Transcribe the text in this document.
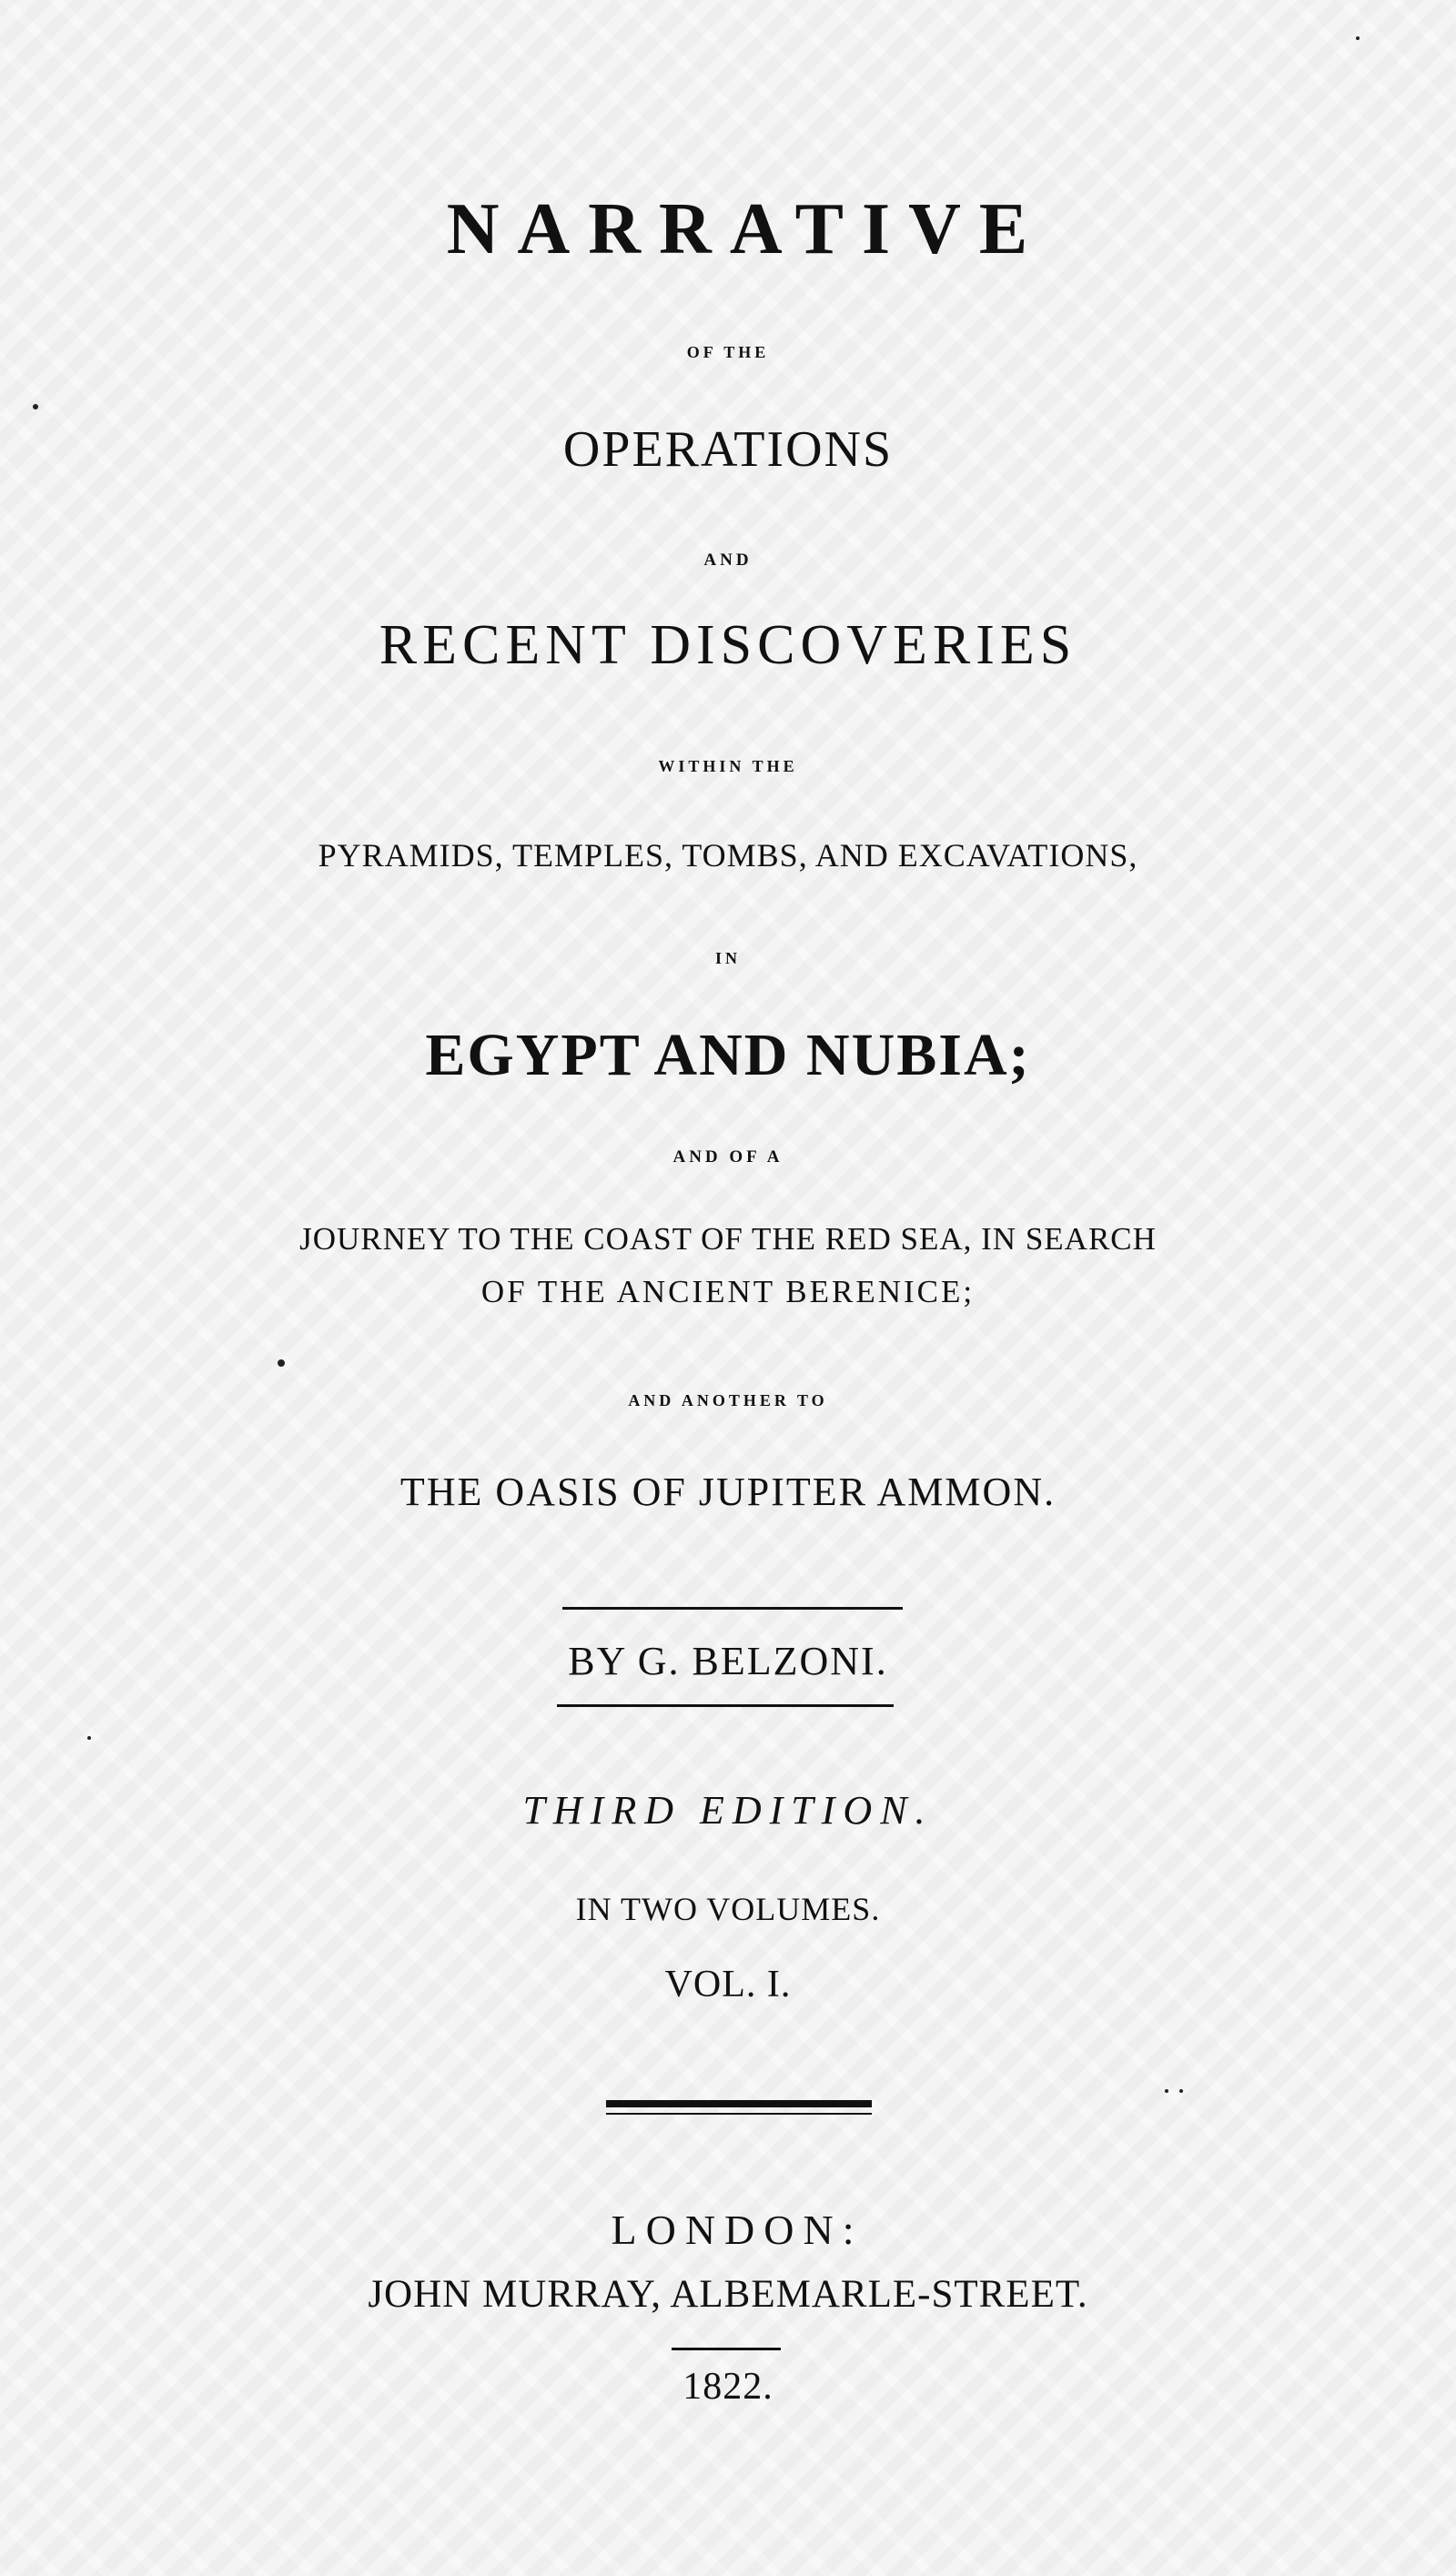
NARRATIVE
OF THE
OPERATIONS
AND
RECENT DISCOVERIES
WITHIN THE
PYRAMIDS, TEMPLES, TOMBS, AND EXCAVATIONS,
IN
EGYPT AND NUBIA;
AND OF A
JOURNEY TO THE COAST OF THE RED SEA, IN SEARCH
OF THE ANCIENT BERENICE;
AND ANOTHER TO
THE OASIS OF JUPITER AMMON.
BY G. BELZONI.
THIRD EDITION.
IN TWO VOLUMES.
VOL. I.
LONDON:
JOHN MURRAY, ALBEMARLE-STREET.
1822.
